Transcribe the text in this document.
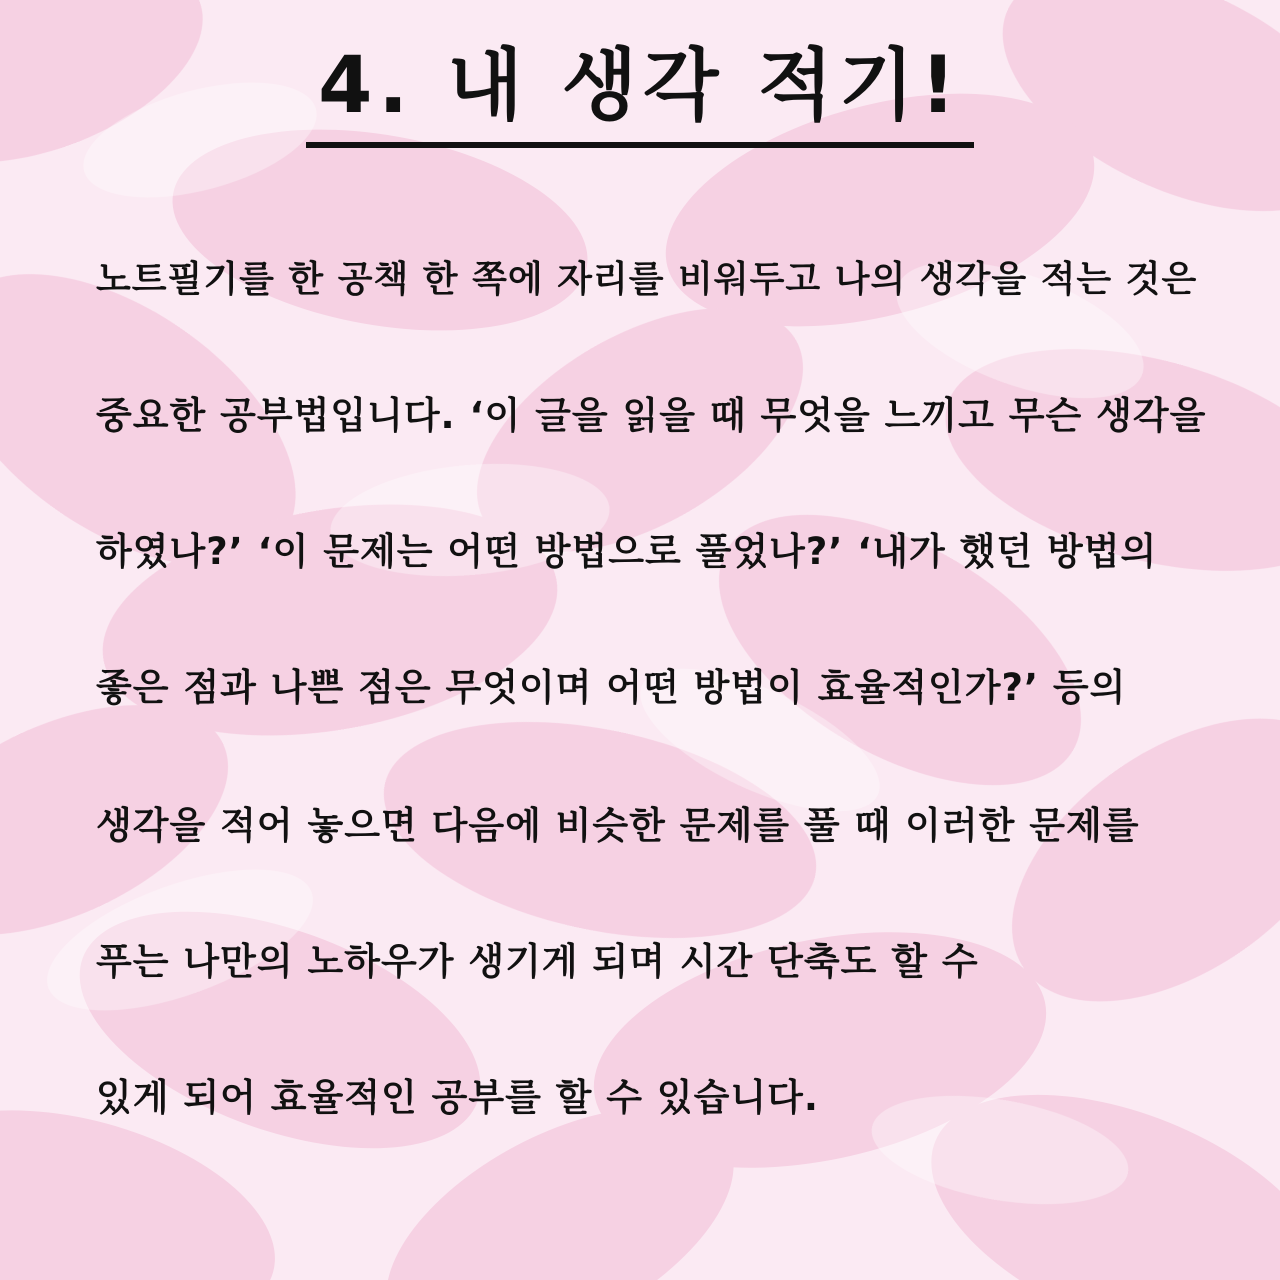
4. 내 생각 적기!
노트필기를 한 공책 한 쪽에 자리를 비워두고 나의 생각을 적는 것은
중요한 공부법입니다. ‘이 글을 읽을 때 무엇을 느끼고 무슨 생각을
하였나?’ ‘이 문제는 어떤 방법으로 풀었나?’ ‘내가 했던 방법의
좋은 점과 나쁜 점은 무엇이며 어떤 방법이 효율적인가?’ 등의
생각을 적어 놓으면 다음에 비슷한 문제를 풀 때 이러한 문제를
푸는 나만의 노하우가 생기게 되며 시간 단축도 할 수
있게 되어 효율적인 공부를 할 수 있습니다.
